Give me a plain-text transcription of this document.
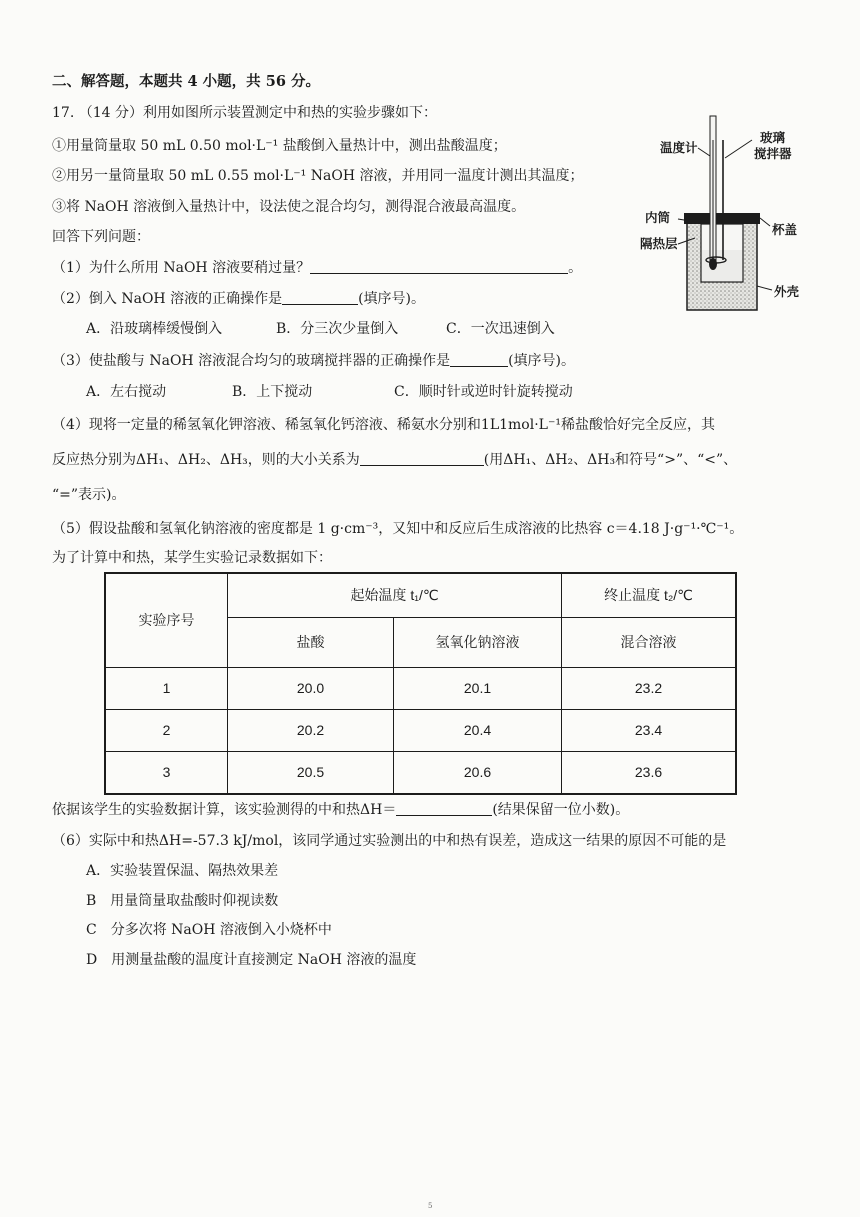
二、解答题，本题共 4 小题，共 56 分。
17. （14 分）利用如图所示装置测定中和热的实验步骤如下：
①用量筒量取 50 mL 0.50 mol·L⁻¹ 盐酸倒入量热计中，测出盐酸温度；
②用另一量筒量取 50 mL 0.55 mol·L⁻¹ NaOH 溶液，并用同一温度计测出其温度；
③将 NaOH 溶液倒入量热计中，设法使之混合均匀，测得混合液最高温度。
回答下列问题：
（1）为什么所用 NaOH 溶液要稍过量？	。
（2）倒入 NaOH 溶液的正确操作是	(填序号)。
A．沿玻璃棒缓慢倒入	B．分三次少量倒入	C．一次迅速倒入
（3）使盐酸与 NaOH 溶液混合均匀的玻璃搅拌器的正确操作是	(填序号)。
A．左右搅动	B．上下搅动	C．顺时针或逆时针旋转搅动
（4）现将一定量的稀氢氧化钾溶液、稀氢氧化钙溶液、稀氨水分别和1L1mol·L⁻¹稀盐酸恰好完全反应，其
反应热分别为ΔH₁、ΔH₂、ΔH₃，则的大小关系为	(用ΔH₁、ΔH₂、ΔH₃和符号“>”、“<”、
“=”表示)。
（5）假设盐酸和氢氧化钠溶液的密度都是 1 g·cm⁻³，又知中和反应后生成溶液的比热容 c＝4.18 J·g⁻¹·℃⁻¹。
为了计算中和热，某学生实验记录数据如下：
实验序号	起始温度 t₁/℃		终止温度 t₂/℃
	盐酸	氢氧化钠溶液	混合溶液
1	20.0	20.1	23.2
2	20.2	20.4	23.4
3	20.5	20.6	23.6
依据该学生的实验数据计算，该实验测得的中和热ΔH＝	(结果保留一位小数)。
（6）实际中和热ΔH=-57.3 kJ/mol，该同学通过实验测出的中和热有误差，造成这一结果的原因不可能的是
A．实验装置保温、隔热效果差
B　用量筒量取盐酸时仰视读数
C　分多次将 NaOH 溶液倒入小烧杯中
D　用测量盐酸的温度计直接测定 NaOH 溶液的温度
温度计
玻璃
搅拌器
内筒
杯盖
隔热层
外壳
5
